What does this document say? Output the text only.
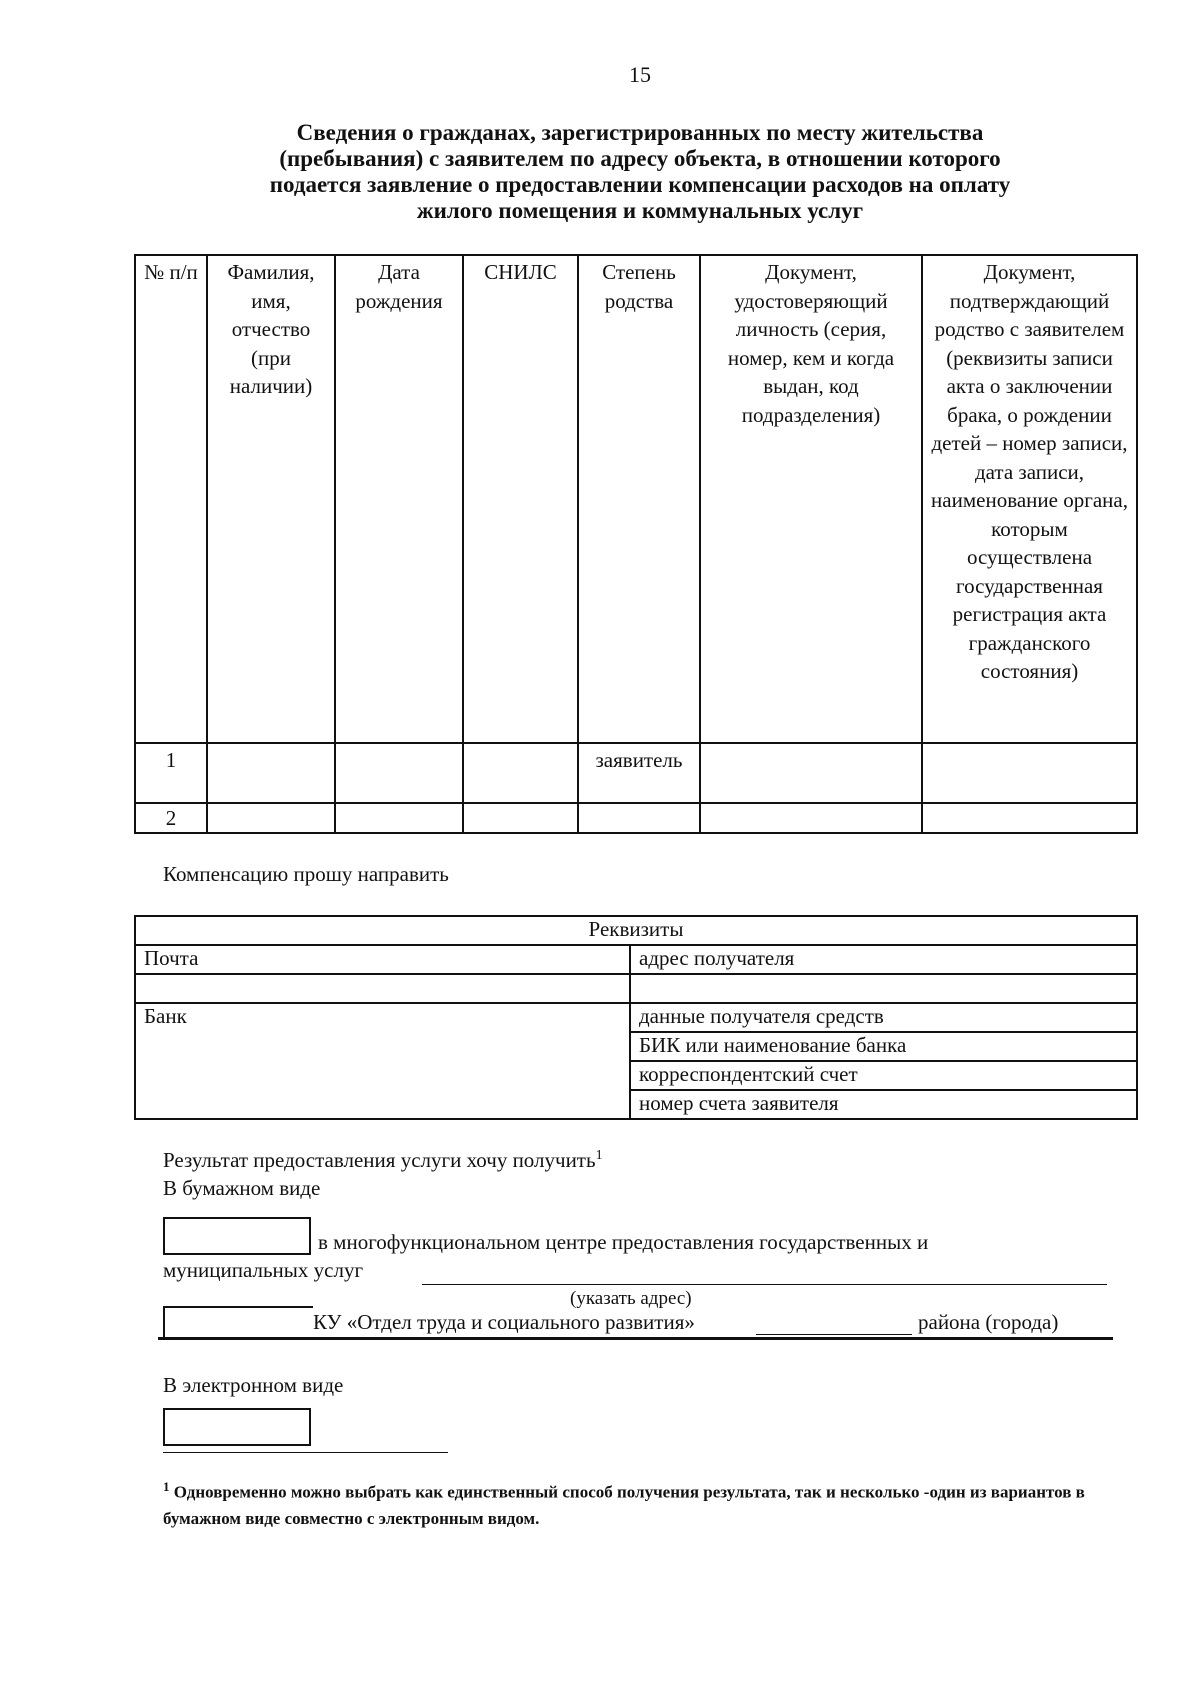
15
Сведения о гражданах, зарегистрированных по месту жительства
(пребывания) с заявителем по адресу объекта, в отношении которого
подается заявление о предоставлении компенсации расходов на оплату
жилого помещения и коммунальных услуг
№ п/п	Фамилия, имя, отчество (при наличии)	Дата рождения	СНИЛС	Степень родства	Документ, удостоверяющий личность (серия, номер, кем и когда выдан, код подразделения)	Документ, подтверждающий родство с заявителем (реквизиты записи акта о заключении брака, о рождении детей – номер записи, дата записи, наименование органа, которым осуществлена государственная регистрация акта гражданского состояния)
1				заявитель		
2						
Компенсацию прошу направить
Реквизиты	
Почта	адрес получателя

Банк	данные получателя средств
	БИК или наименование банка
	корреспондентский счет
	номер счета заявителя
Результат предоставления услуги хочу получить$^1$
В бумажном виде
в многофункциональном центре предоставления государственных и
муниципальных услуг
(указать адрес)
КУ «Отдел труда и социального развития»	района (города)
В электронном виде
$^1$ Одновременно можно выбрать как единственный способ получения результата, так и несколько -один из вариантов в бумажном виде совместно с электронным видом.
